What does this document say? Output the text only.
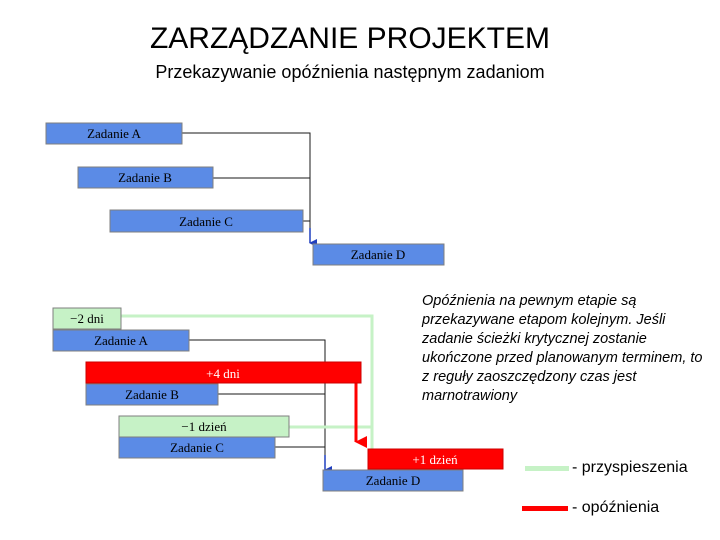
ZARZĄDZANIE PROJEKTEM
Przekazywanie opóźnienia następnym zadaniom
Zadanie A
Zadanie B
Zadanie C
Zadanie D
−2 dni
+4 dni
−1 dzień
+1 dzień
Zadanie A
Zadanie B
Zadanie C
Zadanie D
Opóźnienia na pewnym etapie są przekazywane etapom kolejnym. Jeśli zadanie ścieżki krytycznej zostanie ukończone przed planowanym terminem, to z reguły zaoszczędzony czas jest marnotrawiony
- przyspieszenia
- opóźnienia
